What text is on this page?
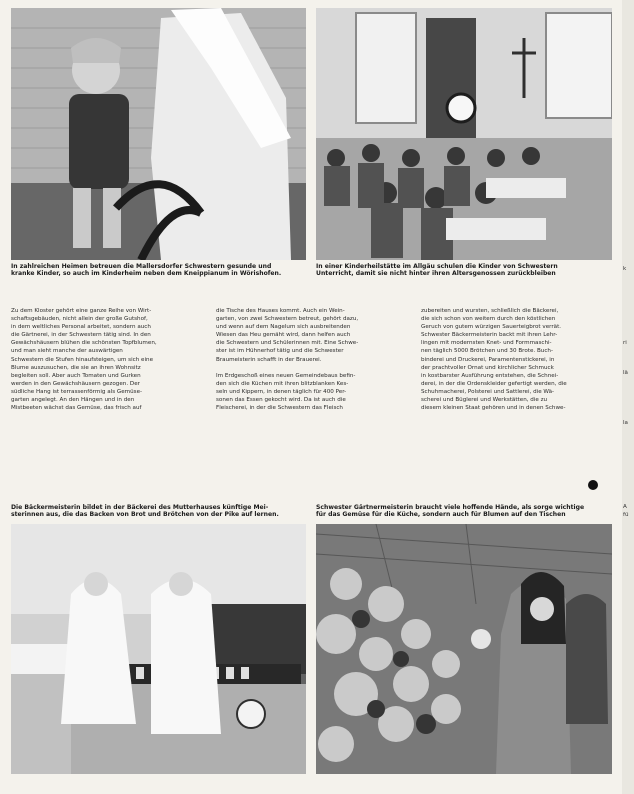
In zahlreichen Heimen betreuen die Mallersdorfer Schwestern gesunde und
kranke Kinder, so auch im Kinderheim neben dem Kneippianum in Wörishofen.
In einer Kinderheilstätte im Allgäu schulen die Kinder von Schwestern
Unterricht, damit sie nicht hinter ihren Altersgenossen zurückbleiben
Die Bäckermeisterin bildet in der Bäckerei des Mutterhauses künftige Mei-
sterinnen aus, die das Backen von Brot und Brötchen von der Pike auf lernen.
Schwester Gärtnermeisterin braucht viele hoffende Hände, als sorge wichtige
für das Gemüse für die Küche, sondern auch für Blumen auf den Tischen
Zu dem Kloster gehört eine ganze Reihe von Wirt-
schaftsgebäuden, nicht allein der große Gutshof,
in dem weltliches Personal arbeitet, sondern auch
die Gärtnerei, in der Schwestern tätig sind. In den
Gewächshäusern blühen die schönsten Topfblumen,
und man sieht manche der auswärtigen
Schwestern die Stufen hinaufsteigen, um sich eine
Blume auszusuchen, die sie an ihren Wohnsitz
begleiten soll. Aber auch Tomaten und Gurken
werden in den Gewächshäusern gezogen. Der
südliche Hang ist terrassenförmig als Gemüse-
garten angelegt. An den Hängen und in den
Mistbeeten wächst das Gemüse, das frisch auf
die Tische des Hauses kommt. Auch ein Wein-
garten, von zwei Schwestern betreut, gehört dazu,
und wenn auf dem Nagelum sich ausbreitenden
Wiesen das Heu gemäht wird, dann helfen auch
die Schwestern und Schülerinnen mit. Eine Schwe-
ster ist im Hühnerhof tätig und die Schwester
Braumeisterin schafft in der Brauerei.

Im Erdgeschoß eines neuen Gemeindebaus befin-
den sich die Küchen mit ihren blitzblanken Kes-
seln und Kippern, in denen täglich für 400 Per-
sonen das Essen gekocht wird. Da ist auch die
Fleischerei, in der die Schwestern das Fleisch
zubereiten und wursten, schließlich die Bäckerei,
die sich schon von weitem durch den köstlichen
Geruch von gutem würzigen Sauerteigbrot verrät.
Schwester Bäckermeisterin backt mit ihren Lehr-
lingen mit modernsten Knet- und Formmaschi-
nen täglich 5000 Brötchen und 30 Brote. Buch-
binderei und Druckerei, Paramentenstickerei, in
der prachtvoller Ornat und kirchlicher Schmuck
in kostbarster Ausführung entstehen, die Schnei-
derei, in der die Ordenskleider gefertigt werden, die
Schuhmacherei, Polsterei und Sattlerei, die Wä-
scherei und Büglerei und Werkstätten, die zu
diesem kleinen Staat gehören und in denen Schwe-
k
ri
lä
la
A
fü
